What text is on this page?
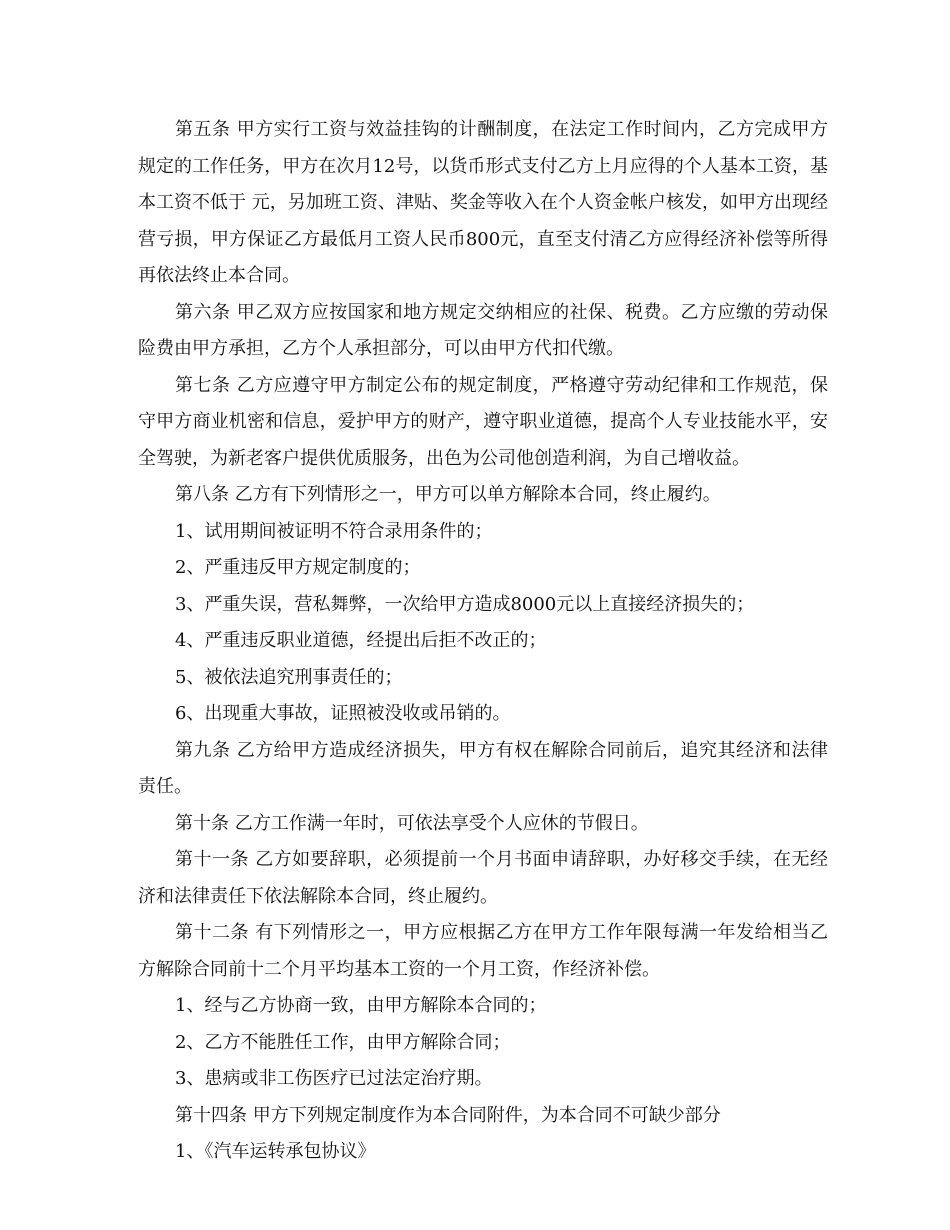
第五条 甲方实行工资与效益挂钩的计酬制度，在法定工作时间内，乙方完成甲方规定的工作任务，甲方在次月12号，以货币形式支付乙方上月应得的个人基本工资，基本工资不低于 元，另加班工资、津贴、奖金等收入在个人资金帐户核发，如甲方出现经营亏损，甲方保证乙方最低月工资人民币800元，直至支付清乙方应得经济补偿等所得再依法终止本合同。

第六条 甲乙双方应按国家和地方规定交纳相应的社保、税费。乙方应缴的劳动保险费由甲方承担，乙方个人承担部分，可以由甲方代扣代缴。

第七条 乙方应遵守甲方制定公布的规定制度，严格遵守劳动纪律和工作规范，保守甲方商业机密和信息，爱护甲方的财产，遵守职业道德，提高个人专业技能水平，安全驾驶，为新老客户提供优质服务，出色为公司他创造利润，为自己增收益。

第八条 乙方有下列情形之一，甲方可以单方解除本合同，终止履约。

1、试用期间被证明不符合录用条件的；

2、严重违反甲方规定制度的；

3、严重失误，营私舞弊，一次给甲方造成8000元以上直接经济损失的；

4、严重违反职业道德，经提出后拒不改正的；

5、被依法追究刑事责任的；

6、出现重大事故，证照被没收或吊销的。

第九条 乙方给甲方造成经济损失，甲方有权在解除合同前后，追究其经济和法律责任。

第十条 乙方工作满一年时，可依法享受个人应休的节假日。

第十一条 乙方如要辞职，必须提前一个月书面申请辞职，办好移交手续，在无经济和法律责任下依法解除本合同，终止履约。

第十二条 有下列情形之一，甲方应根据乙方在甲方工作年限每满一年发给相当乙方解除合同前十二个月平均基本工资的一个月工资，作经济补偿。

1、经与乙方协商一致，由甲方解除本合同的；

2、乙方不能胜任工作，由甲方解除合同；

3、患病或非工伤医疗已过法定治疗期。

第十四条 甲方下列规定制度作为本合同附件，为本合同不可缺少部分

1、《汽车运转承包协议》
